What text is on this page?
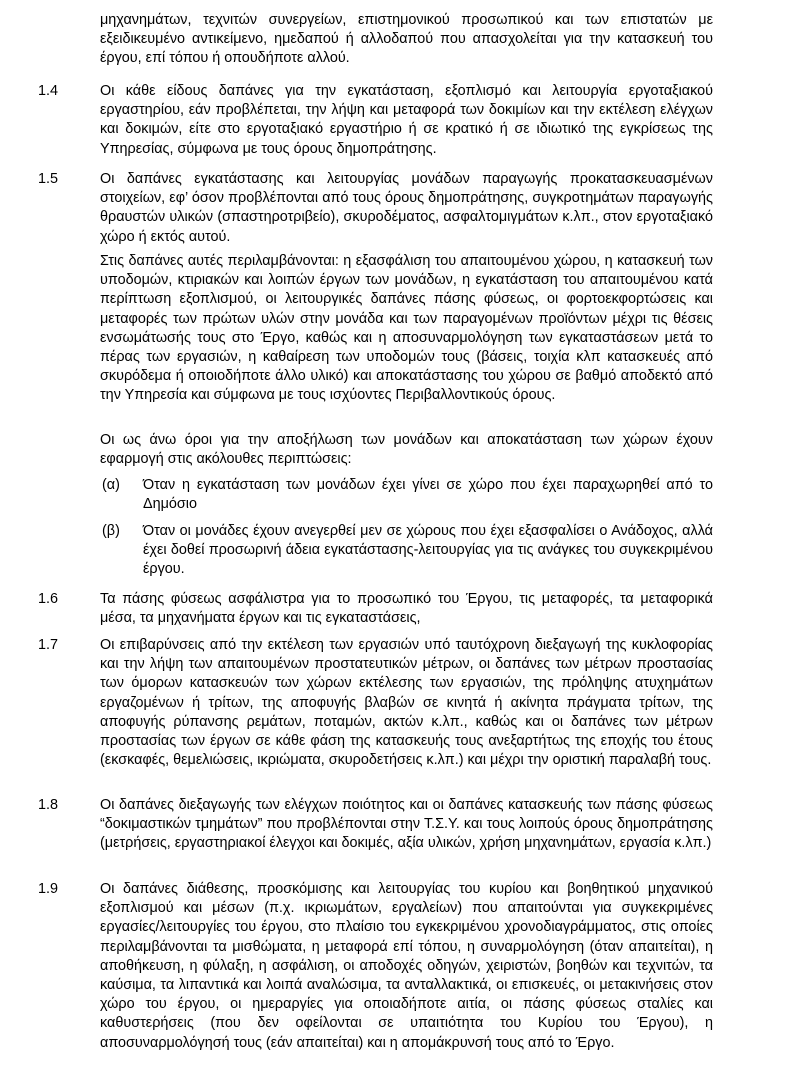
μηχανημάτων, τεχνιτών συνεργείων, επιστημονικού προσωπικού και των επιστατών με εξειδικευμένο αντικείμενο, ημεδαπού ή αλλοδαπού που απασχολείται για την κατασκευή του έργου, επί τόπου ή οπουδήποτε αλλού.

1.4	Οι κάθε είδους δαπάνες για την εγκατάσταση, εξοπλισμό και λειτουργία εργοταξιακού εργαστηρίου, εάν προβλέπεται, την λήψη και μεταφορά των δοκιμίων και την εκτέλεση ελέγχων και δοκιμών, είτε στο εργοταξιακό εργαστήριο ή σε κρατικό ή σε ιδιωτικό της εγκρίσεως της Υπηρεσίας, σύμφωνα με τους όρους δημοπράτησης.

1.5	Οι δαπάνες εγκατάστασης και λειτουργίας μονάδων παραγωγής προκατασκευασμένων στοιχείων, εφ’ όσον προβλέπονται από τους όρους δημοπράτησης, συγκροτημάτων παραγωγής θραυστών υλικών (σπαστηροτριβείο), σκυροδέματος, ασφαλτομιγμάτων κ.λπ., στον εργοταξιακό χώρο ή εκτός αυτού.

Στις δαπάνες αυτές περιλαμβάνονται: η εξασφάλιση του απαιτουμένου χώρου, η κατασκευή των υποδομών, κτιριακών και λοιπών έργων των μονάδων, η εγκατάσταση του απαιτουμένου κατά περίπτωση εξοπλισμού, οι λειτουργικές δαπάνες πάσης φύσεως, οι φορτοεκφορτώσεις και μεταφορές των πρώτων υλών στην μονάδα και των παραγομένων προϊόντων μέχρι τις θέσεις ενσωμάτωσής τους στο Έργο, καθώς και η αποσυναρμολόγηση των εγκαταστάσεων μετά το πέρας των εργασιών, η καθαίρεση των υποδομών τους (βάσεις, τοιχία κλπ κατασκευές από σκυρόδεμα ή οποιοδήποτε άλλο υλικό) και αποκατάστασης του χώρου σε βαθμό αποδεκτό από την Υπηρεσία και σύμφωνα με τους ισχύοντες Περιβαλλοντικούς όρους.

Οι ως άνω όροι για την αποξήλωση των μονάδων και αποκατάσταση των χώρων έχουν εφαρμογή στις ακόλουθες περιπτώσεις:

(α) Όταν η εγκατάσταση των μονάδων έχει γίνει σε χώρο που έχει παραχωρηθεί από το Δημόσιο

(β) Όταν οι μονάδες έχουν ανεγερθεί μεν σε χώρους που έχει εξασφαλίσει ο Ανάδοχος, αλλά έχει δοθεί προσωρινή άδεια εγκατάστασης-λειτουργίας για τις ανάγκες του συγκεκριμένου έργου.

1.6	Τα πάσης φύσεως ασφάλιστρα για το προσωπικό του Έργου, τις μεταφορές, τα μεταφορικά μέσα, τα μηχανήματα έργων και τις εγκαταστάσεις,

1.7	Οι επιβαρύνσεις από την εκτέλεση των εργασιών υπό ταυτόχρονη διεξαγωγή της κυκλοφορίας και την λήψη των απαιτουμένων προστατευτικών μέτρων, οι δαπάνες των μέτρων προστασίας των όμορων κατασκευών των χώρων εκτέλεσης των εργασιών, της πρόληψης ατυχημάτων εργαζομένων ή τρίτων, της αποφυγής βλαβών σε κινητά ή ακίνητα πράγματα τρίτων, της αποφυγής ρύπανσης ρεμάτων, ποταμών, ακτών κ.λπ., καθώς και οι δαπάνες των μέτρων προστασίας των έργων σε κάθε φάση της κατασκευής τους ανεξαρτήτως της εποχής του έτους (εκσκαφές, θεμελιώσεις, ικριώματα, σκυροδετήσεις κ.λπ.) και μέχρι την οριστική παραλαβή τους.

1.8	Οι δαπάνες διεξαγωγής των ελέγχων ποιότητος και οι δαπάνες κατασκευής των πάσης φύσεως “δοκιμαστικών τμημάτων” που προβλέπονται στην Τ.Σ.Υ. και τους λοιπούς όρους δημοπράτησης (μετρήσεις, εργαστηριακοί έλεγχοι και δοκιμές, αξία υλικών, χρήση μηχανημάτων, εργασία κ.λπ.)

1.9	Οι δαπάνες διάθεσης, προσκόμισης και λειτουργίας του κυρίου και βοηθητικού μηχανικού εξοπλισμού και μέσων (π.χ. ικριωμάτων, εργαλείων) που απαιτούνται για συγκεκριμένες εργασίες/λειτουργίες του έργου, στο πλαίσιο του εγκεκριμένου χρονοδιαγράμματος, στις οποίες περιλαμβάνονται τα μισθώματα, η μεταφορά επί τόπου, η συναρμολόγηση (όταν απαιτείται), η αποθήκευση, η φύλαξη, η ασφάλιση, οι αποδοχές οδηγών, χειριστών, βοηθών και τεχνιτών, τα καύσιμα, τα λιπαντικά και λοιπά αναλώσιμα, τα ανταλλακτικά, οι επισκευές, οι μετακινήσεις στον χώρο του έργου, οι ημεραργίες για οποιαδήποτε αιτία, οι πάσης φύσεως σταλίες και καθυστερήσεις (που δεν οφείλονται σε υπαιτιότητα του Κυρίου του Έργου), η αποσυναρμολόγησή τους (εάν απαιτείται) και η απομάκρυνσή τους από το Έργο.
